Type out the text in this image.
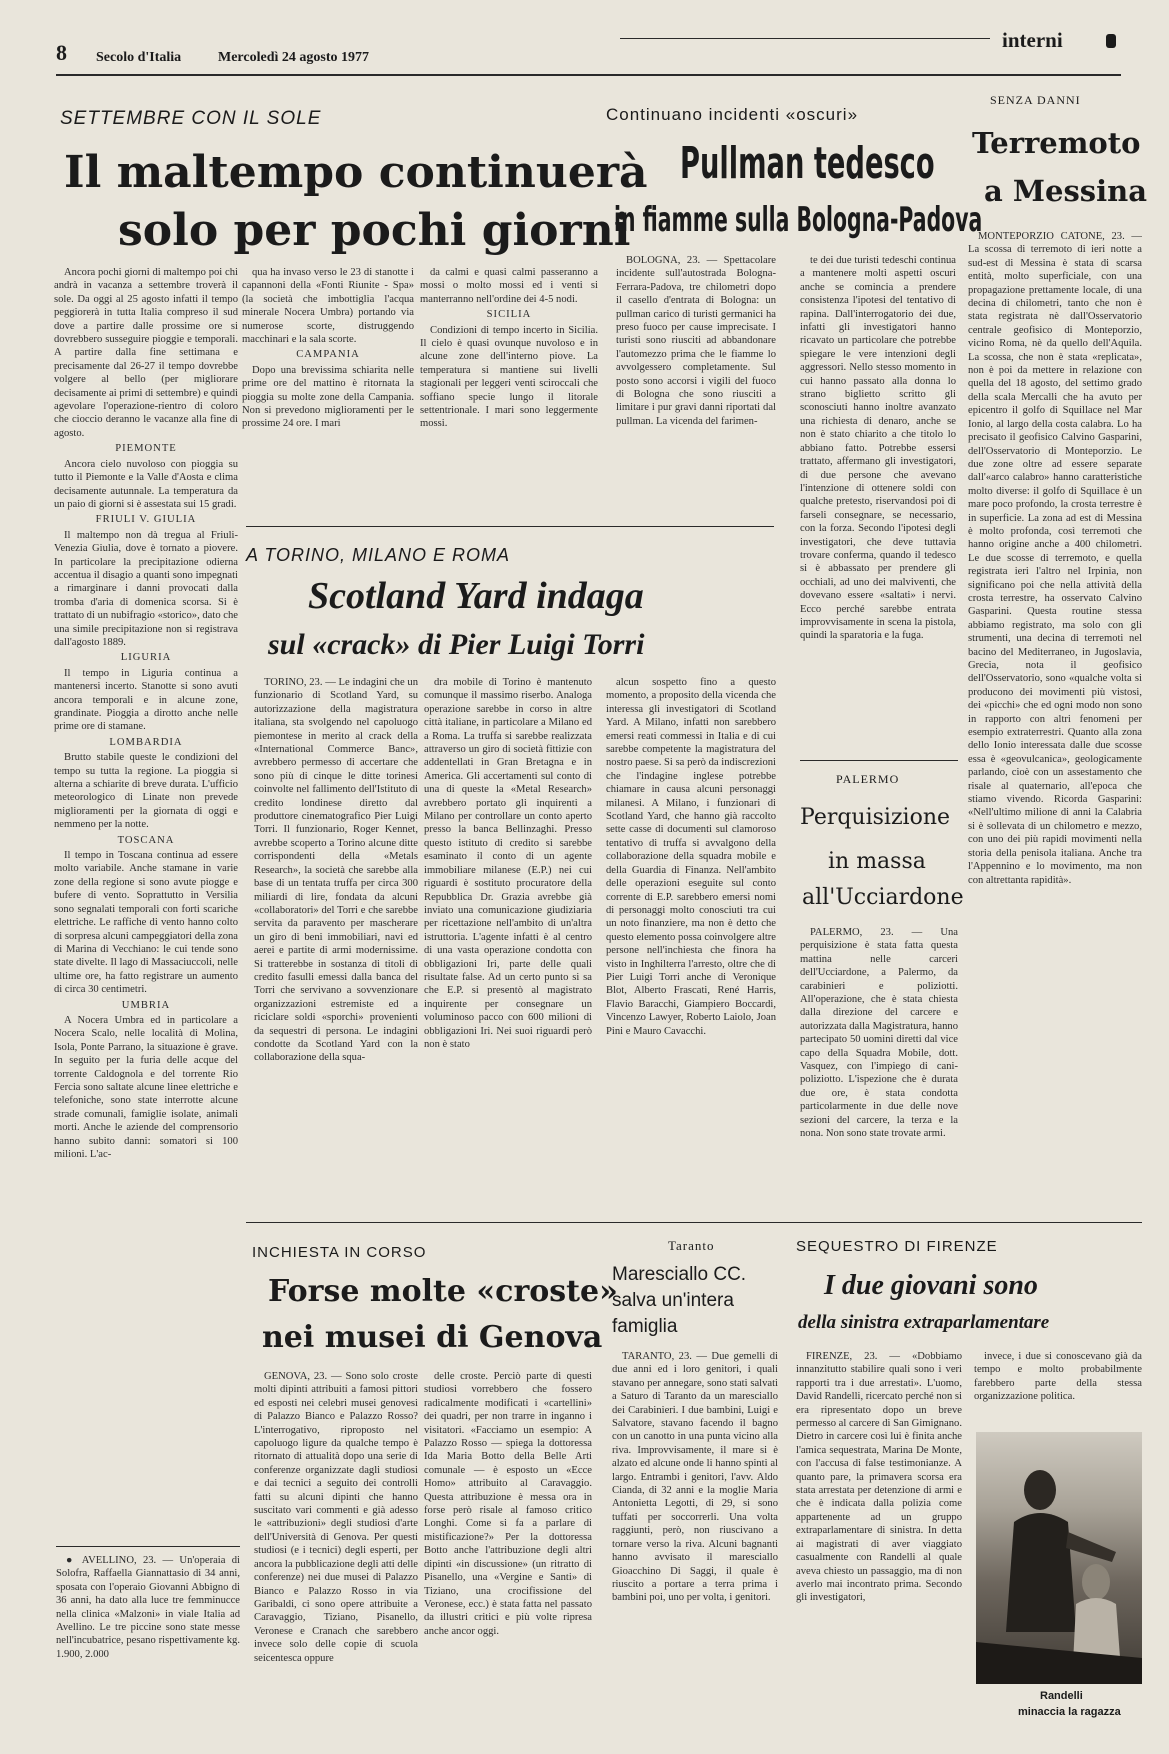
8 Secolo d'Italia	Mercoledì 24 agosto 1977
interni
SETTEMBRE CON IL SOLE
Il maltempo continuerà
solo per pochi giorni

Ancora pochi giorni di maltempo poi chi andrà in vacanza a settembre troverà il sole. Da oggi al 25 agosto infatti il tempo peggiorerà in tutta Italia compreso il sud dove a partire dalle prossime ore si dovrebbero susseguire pioggie e temporali. A partire dalla fine settimana e precisamente dal 26-27 il tempo dovrebbe volgere al bello (per migliorare decisamente ai primi di settembre) e quindi agevolare l'operazione-rientro di coloro che cioccio deranno le vacanze alla fine di agosto.

PIEMONTE

Ancora cielo nuvoloso con pioggia su tutto il Piemonte e la Valle d'Aosta e clima decisamente autunnale. La temperatura da un paio di giorni si è assestata sui 15 gradi.

FRIULI V. GIULIA

Il maltempo non dà tregua al Friuli-Venezia Giulia, dove è tornato a piovere. In particolare la precipitazione odierna accentua il disagio a quanti sono impegnati a rimarginare i danni provocati dalla tromba d'aria di domenica scorsa. Si è trattato di un nubifragio «storico», dato che una simile precipitazione non si registrava dall'agosto 1889.

LIGURIA

Il tempo in Liguria continua a mantenersi incerto. Stanotte si sono avuti ancora temporali e in alcune zone, grandinate. Pioggia a dirotto anche nelle prime ore di stamane.

LOMBARDIA

Brutto stabile queste le condizioni del tempo su tutta la regione. La pioggia si alterna a schiarite di breve durata. L'ufficio meteorologico di Linate non prevede miglioramenti per la giornata di oggi e nemmeno per la notte.

TOSCANA

Il tempo in Toscana continua ad essere molto variabile. Anche stamane in varie zone della regione si sono avute piogge e bufere di vento. Soprattutto in Versilia sono segnalati temporali con forti scariche elettriche. Le raffiche di vento hanno colto di sorpresa alcuni campeggiatori della zona di Marina di Vecchiano: le cui tende sono state divelte. Il lago di Massaciuccoli, nelle ultime ore, ha fatto registrare un aumento di circa 30 centimetri.

UMBRIA

A Nocera Umbra ed in particolare a Nocera Scalo, nelle località di Molina, Isola, Ponte Parrano, la situazione è grave. In seguito per la furia delle acque del torrente Caldognola e del torrente Rio Fercia sono saltate alcune linee elettriche e telefoniche, sono state interrotte alcune strade comunali, famiglie isolate, animali morti. Anche le aziende del comprensorio hanno subito danni: somatori si 100 milioni. L'ac-

qua ha invaso verso le 23 di stanotte i capannoni della «Fonti Riunite - Spa» (la società che imbottiglia l'acqua minerale Nocera Umbra) portando via numerose scorte, distruggendo macchinari e la sala scorte.

CAMPANIA

Dopo una brevissima schiarita nelle prime ore del mattino è ritornata la pioggia su molte zone della Campania. Non si prevedono miglioramenti per le prossime 24 ore. I mari

da calmi e quasi calmi passeranno a mossi o molto mossi ed i venti si manterranno nell'ordine dei 4-5 nodi.

SICILIA

Condizioni di tempo incerto in Sicilia. Il cielo è quasi ovunque nuvoloso e in alcune zone dell'interno piove. La temperatura si mantiene sui livelli stagionali per leggeri venti sciroccali che soffiano specie lungo il litorale settentrionale. I mari sono leggermente mossi.

Continuano incidenti «oscuri»
Pullman tedesco
in fiamme sulla Bologna-Padova

BOLOGNA, 23. — Spettacolare incidente sull'autostrada Bologna-Ferrara-Padova, tre chilometri dopo il casello d'entrata di Bologna: un pullman carico di turisti germanici ha preso fuoco per cause imprecisate. I turisti sono riusciti ad abbandonare l'automezzo prima che le fiamme lo avvolgessero completamente. Sul posto sono accorsi i vigili del fuoco di Bologna che sono riusciti a limitare i pur gravi danni riportati dal pullman. La vicenda del farimen-

te dei due turisti tedeschi continua a mantenere molti aspetti oscuri anche se comincia a prendere consistenza l'ipotesi del tentativo di rapina. Dall'interrogatorio dei due, infatti gli investigatori hanno ricavato un particolare che potrebbe spiegare le vere intenzioni degli aggressori. Nello stesso momento in cui hanno passato alla donna lo strano biglietto scritto gli sconosciuti hanno inoltre avanzato una richiesta di denaro, anche se non è stato chiarito a che titolo lo abbiano fatto. Potrebbe essersi trattato, affermano gli investigatori, di due persone che avevano l'intenzione di ottenere soldi con qualche pretesto, riservandosi poi di farseli consegnare, se necessario, con la forza. Secondo l'ipotesi degli investigatori, che deve tuttavia trovare conferma, quando il tedesco si è abbassato per prendere gli occhiali, ad uno dei malviventi, che dovevano essere «saltati» i nervi. Ecco perché sarebbe entrata improvvisamente in scena la pistola, quindi la sparatoria e la fuga.

SENZA DANNI
Terremoto
a Messina

MONTEPORZIO CATONE, 23. — La scossa di terremoto di ieri notte a sud-est di Messina è stata di scarsa entità, molto superficiale, con una propagazione prettamente locale, di una decina di chilometri, tanto che non è stata registrata nè dall'Osservatorio centrale geofisico di Monteporzio, vicino Roma, nè da quello dell'Aquila. La scossa, che non è stata «replicata», non è poi da mettere in relazione con quella del 18 agosto, del settimo grado della scala Mercalli che ha avuto per epicentro il golfo di Squillace nel Mar Ionio, al largo della costa calabra. Lo ha precisato il geofisico Calvino Gasparini, dell'Osservatorio di Monteporzio. Le due zone oltre ad essere separate dall'«arco calabro» hanno caratteristiche molto diverse: il golfo di Squillace è un mare poco profondo, la crosta terrestre è in superficie. La zona ad est di Messina è molto profonda, così terremoti che hanno origine anche a 400 chilometri. Le due scosse di terremoto, e quella registrata ieri l'altro nel Irpinia, non significano poi che nella attività della crosta terrestre, ha osservato Calvino Gasparini. Questa routine stessa abbiamo registrato, ma solo con gli strumenti, una decina di terremoti nel bacino del Mediterraneo, in Jugoslavia, Grecia, nota il geofisico dell'Osservatorio, sono «qualche volta si producono dei movimenti più vistosi, dei «picchi» che ed ogni modo non sono in rapporto con altri fenomeni per esempio extraterrestri. Quanto alla zona dello Ionio interessata dalle due scosse essa è «geovulcanica», geologicamente parlando, cioè con un assestamento che risale al quaternario, all'epoca che stiamo vivendo. Ricorda Gasparini: «Nell'ultimo milione di anni la Calabria si è sollevata di un chilometro e mezzo, con uno dei più rapidi movimenti nella storia della penisola italiana. Anche tra l'Appennino e lo movimento, ma non con altrettanta rapidità».

A TORINO, MILANO E ROMA
Scotland Yard indaga
sul «crack» di Pier Luigi Torri

TORINO, 23. — Le indagini che un funzionario di Scotland Yard, su autorizzazione della magistratura italiana, sta svolgendo nel capoluogo piemontese in merito al crack della «International Commerce Banc», avrebbero permesso di accertare che sono più di cinque le ditte torinesi coinvolte nel fallimento dell'Istituto di credito londinese diretto dal produttore cinematografico Pier Luigi Torri. Il funzionario, Roger Kennet, avrebbe scoperto a Torino alcune ditte corrispondenti della «Metals Research», la società che sarebbe alla base di un tentata truffa per circa 300 miliardi di lire, fondata da alcuni «collaboratori» del Torri e che sarebbe servita da paravento per mascherare un giro di beni immobiliari, navi ed aerei e partite di armi modernissime. Si tratterebbe in sostanza di titoli di credito fasulli emessi dalla banca del Torri che servivano a sovvenzionare organizzazioni estremiste ed a riciclare soldi «sporchi» provenienti da sequestri di persona. Le indagini condotte da Scotland Yard con la collaborazione della squa-

dra mobile di Torino è mantenuto comunque il massimo riserbo. Analoga operazione sarebbe in corso in altre città italiane, in particolare a Milano ed a Roma. La truffa si sarebbe realizzata attraverso un giro di società fittizie con addentellati in Gran Bretagna e in America. Gli accertamenti sul conto di una di queste la «Metal Research» avrebbero portato gli inquirenti a Milano per controllare un conto aperto presso la banca Bellinzaghi. Presso questo istituto di credito si sarebbe esaminato il conto di un agente immobiliare milanese (E.P.) nei cui riguardi è sostituto procuratore della Repubblica Dr. Grazia avrebbe già inviato una comunicazione giudiziaria per ricettazione nell'ambito di un'altra istruttoria. L'agente infatti è al centro di una vasta operazione condotta con obbligazioni Iri, parte delle quali risultate false. Ad un certo punto si sa che E.P. si presentò al magistrato inquirente per consegnare un voluminoso pacco con 600 milioni di obbligazioni Iri. Nei suoi riguardi però non è stato

alcun sospetto fino a questo momento, a proposito della vicenda che interessa gli investigatori di Scotland Yard. A Milano, infatti non sarebbero emersi reati commessi in Italia e di cui sarebbe competente la magistratura del nostro paese. Si sa però da indiscrezioni che l'indagine inglese potrebbe chiamare in causa alcuni personaggi milanesi. A Milano, i funzionari di Scotland Yard, che hanno già raccolto sette casse di documenti sul clamoroso tentativo di truffa si avvalgono della collaborazione della squadra mobile e della Guardia di Finanza. Nell'ambito delle operazioni eseguite sul conto corrente di E.P. sarebbero emersi nomi di personaggi molto conosciuti tra cui un noto finanziere, ma non è detto che questo elemento possa coinvolgere altre persone nell'inchiesta che finora ha visto in Inghilterra l'arresto, oltre che di Pier Luigi Torri anche di Veronique Blot, Alberto Frascati, René Harris, Flavio Baracchi, Giampiero Boccardi, Vincenzo Lawyer, Roberto Laiolo, Joan Pini e Mauro Cavacchi.

PALERMO
Perquisizione
in massa
all'Ucciardone

PALERMO, 23. — Una perquisizione è stata fatta questa mattina nelle carceri dell'Ucciardone, a Palermo, da carabinieri e poliziotti. All'operazione, che è stata chiesta dalla direzione del carcere e autorizzata dalla Magistratura, hanno partecipato 50 uomini diretti dal vice capo della Squadra Mobile, dott. Vasquez, con l'impiego di cani-poliziotto. L'ispezione che è durata due ore, è stata condotta particolarmente in due delle nove sezioni del carcere, la terza e la nona. Non sono state trovate armi.

INCHIESTA IN CORSO
Forse molte «croste»
nei musei di Genova

GENOVA, 23. — Sono solo croste molti dipinti attribuiti a famosi pittori ed esposti nei celebri musei genovesi di Palazzo Bianco e Palazzo Rosso? L'interrogativo, riproposto nel capoluogo ligure da qualche tempo è ritornato di attualità dopo una serie di conferenze organizzate dagli studiosi e dai tecnici a seguito dei controlli fatti su alcuni dipinti che hanno suscitato vari commenti e già adesso le «attribuzioni» degli studiosi d'arte dell'Università di Genova. Per questi studiosi (e i tecnici) degli esperti, per ancora la pubblicazione degli atti delle conferenze) nei due musei di Palazzo Bianco e Palazzo Rosso in via Garibaldi, ci sono opere attribuite a Caravaggio, Tiziano, Pisanello, Veronese e Cranach che sarebbero invece solo delle copie di scuola seicentesca oppure

delle croste. Perciò parte di questi studiosi vorrebbero che fossero radicalmente modificati i «cartellini» dei quadri, per non trarre in inganno i visitatori. «Facciamo un esempio: A Palazzo Rosso — spiega la dottoressa Ida Maria Botto della Belle Arti comunale — è esposto un «Ecce Homo» attribuito al Caravaggio. Questa attribuzione è messa ora in forse però risale al famoso critico Longhi. Come si fa a parlare di mistificazione?» Per la dottoressa Botto anche l'attribuzione degli altri dipinti «in discussione» (un ritratto di Pisanello, una «Vergine e Santi» di Tiziano, una crocifissione del Veronese, ecc.) è stata fatta nel passato da illustri critici e più volte ripresa anche ancor oggi.

● AVELLINO, 23. — Un'operaia di Solofra, Raffaella Giannattasio di 34 anni, sposata con l'operaio Giovanni Abbigno di 36 anni, ha dato alla luce tre femminucce nella clinica «Malzoni» in viale Italia ad Avellino. Le tre piccine sono state messe nell'incubatrice, pesano rispettivamente kg. 1.900, 2.000

Taranto
Maresciallo CC.
salva un'intera
famiglia

TARANTO, 23. — Due gemelli di due anni ed i loro genitori, i quali stavano per annegare, sono stati salvati a Saturo di Taranto da un maresciallo dei Carabinieri. I due bambini, Luigi e Salvatore, stavano facendo il bagno con un canotto in una punta vicino alla riva. Improvvisamente, il mare si è alzato ed alcune onde li hanno spinti al largo. Entrambi i genitori, l'avv. Aldo Cianda, di 32 anni e la moglie Maria Antonietta Legotti, di 29, si sono tuffati per soccorrerli. Una volta raggiunti, però, non riuscivano a tornare verso la riva. Alcuni bagnanti hanno avvisato il maresciallo Gioacchino Di Saggi, il quale è riuscito a portare a terra prima i bambini poi, uno per volta, i genitori.

SEQUESTRO DI FIRENZE
I due giovani sono
della sinistra extraparlamentare

FIRENZE, 23. — «Dobbiamo innanzitutto stabilire quali sono i veri rapporti tra i due arrestati». L'uomo, David Randelli, ricercato perché non si era ripresentato dopo un breve permesso al carcere di San Gimignano. Dietro in carcere così lui è finita anche l'amica sequestrata, Marina De Monte, con l'accusa di false testimonianze. A quanto pare, la primavera scorsa era stata arrestata per detenzione di armi e che è indicata dalla polizia come appartenente ad un gruppo extraparlamentare di sinistra. In detta ai magistrati di aver viaggiato casualmente con Randelli al quale aveva chiesto un passaggio, ma di non averlo mai incontrato prima. Secondo gli investigatori,

invece, i due si conoscevano già da tempo e molto probabilmente farebbero parte della stessa organizzazione politica.

Randelli
minaccia la ragazza
